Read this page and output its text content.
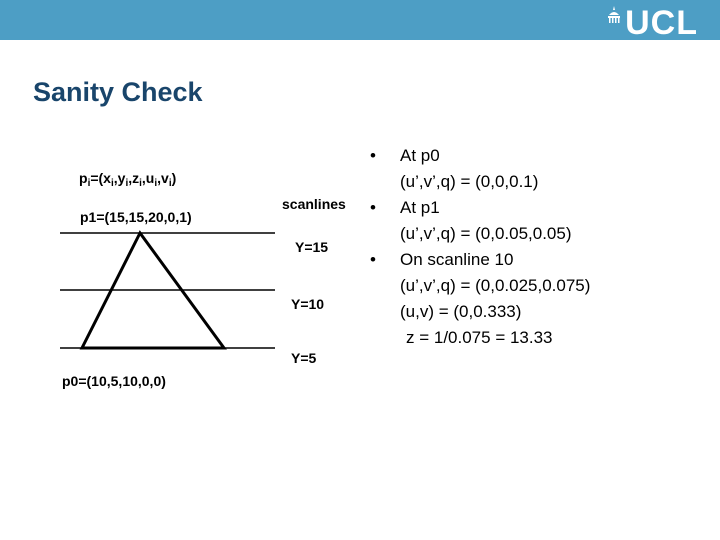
UCL
Sanity Check
$p_i=(x_i,y_i,z_i,u_i,v_i)$
p1=(15,15,20,0,1)
p0=(10,5,10,0,0)
scanlines
Y=15
Y=10
Y=5
• At p0
(u’,v’,q) = (0,0,0.1)
• At p1
(u’,v’,q) = (0,0.05,0.05)
• On scanline 10
(u’,v’,q) = (0,0.025,0.075)
(u,v) = (0,0.333)
z = 1/0.075 = 13.33
